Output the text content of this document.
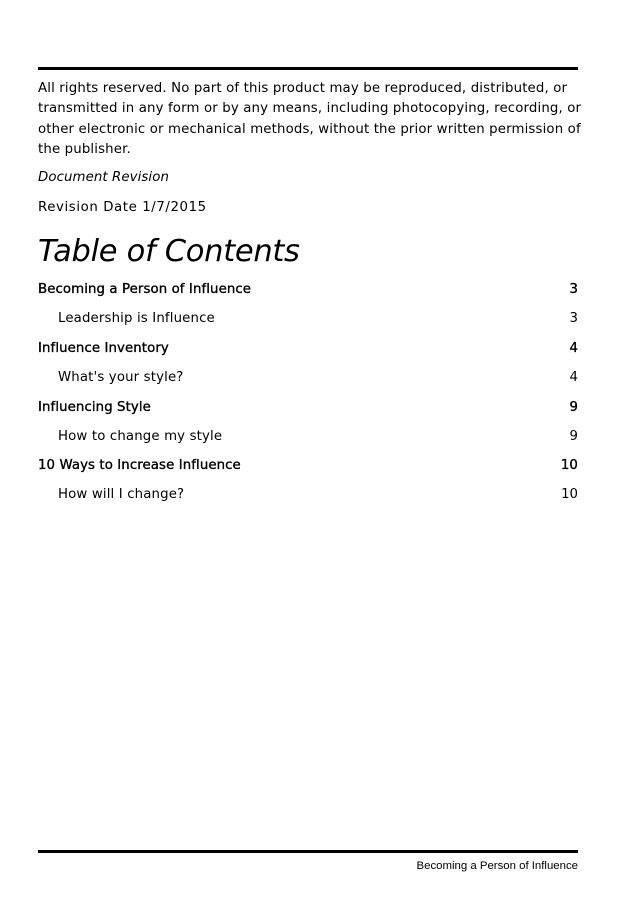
All rights reserved. No part of this product may be reproduced, distributed, or transmitted in any form or by any means, including photocopying, recording, or other electronic or mechanical methods, without the prior written permission of the publisher.
Document Revision
Revision Date 1/7/2015
Table of Contents
Becoming a Person of Influence	3
Leadership is Influence	3
Influence Inventory	4
What's your style?	4
Influencing Style	9
How to change my style	9
10 Ways to Increase Influence	10
How will I change?	10
Becoming a Person of Influence
